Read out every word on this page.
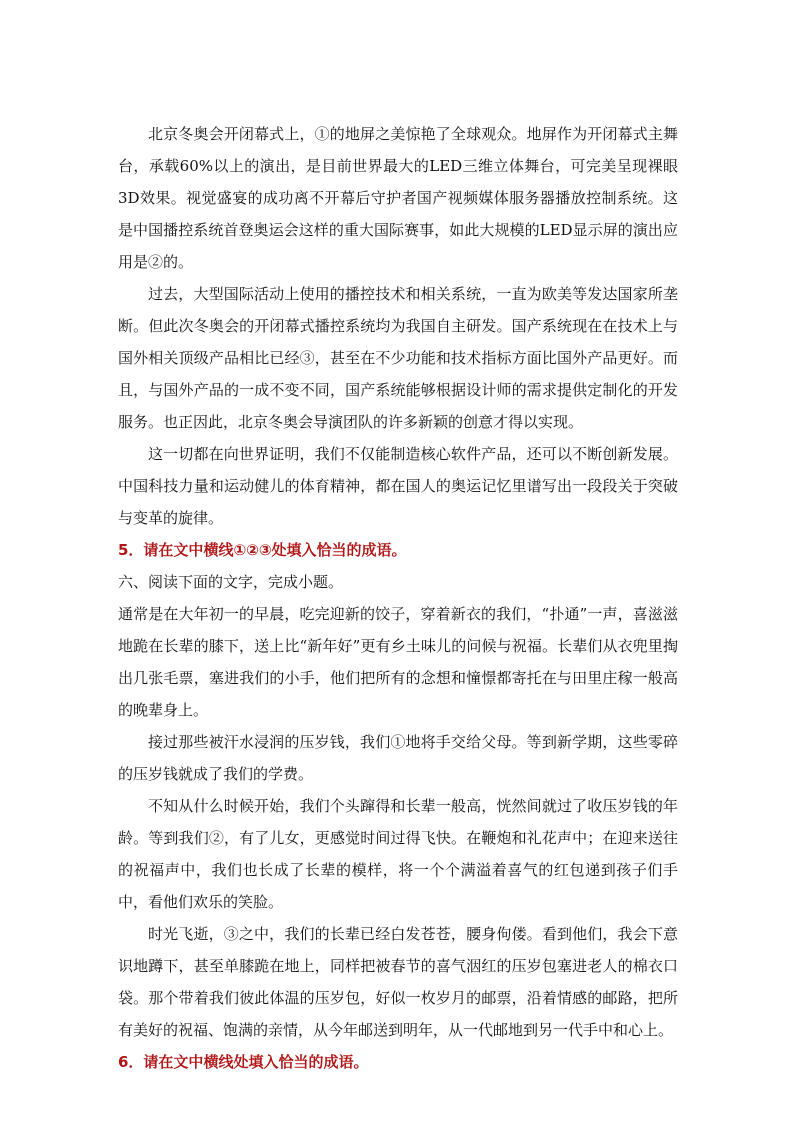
北京冬奥会开闭幕式上，①的地屏之美惊艳了全球观众。地屏作为开闭幕式主舞台，承载60%以上的演出，是目前世界最大的LED三维立体舞台，可完美呈现裸眼3D效果。视觉盛宴的成功离不开幕后守护者国产视频媒体服务器播放控制系统。这是中国播控系统首登奥运会这样的重大国际赛事，如此大规模的LED显示屏的演出应用是②的。

过去，大型国际活动上使用的播控技术和相关系统，一直为欧美等发达国家所垄断。但此次冬奥会的开闭幕式播控系统均为我国自主研发。国产系统现在在技术上与国外相关顶级产品相比已经③，甚至在不少功能和技术指标方面比国外产品更好。而且，与国外产品的一成不变不同，国产系统能够根据设计师的需求提供定制化的开发服务。也正因此，北京冬奥会导演团队的许多新颖的创意才得以实现。

这一切都在向世界证明，我们不仅能制造核心软件产品，还可以不断创新发展。中国科技力量和运动健儿的体育精神，都在国人的奥运记忆里谱写出一段段关于突破与变革的旋律。

5．请在文中横线①②③处填入恰当的成语。

六、阅读下面的文字，完成小题。

通常是在大年初一的早晨，吃完迎新的饺子，穿着新衣的我们，“扑通”一声，喜滋滋地跪在长辈的膝下，送上比“新年好”更有乡土味儿的问候与祝福。长辈们从衣兜里掏出几张毛票，塞进我们的小手，他们把所有的念想和憧憬都寄托在与田里庄稼一般高的晚辈身上。

接过那些被汗水浸润的压岁钱，我们①地将手交给父母。等到新学期，这些零碎的压岁钱就成了我们的学费。

不知从什么时候开始，我们个头蹿得和长辈一般高，恍然间就过了收压岁钱的年龄。等到我们②，有了儿女，更感觉时间过得飞快。在鞭炮和礼花声中；在迎来送往的祝福声中，我们也长成了长辈的模样，将一个个满溢着喜气的红包递到孩子们手中，看他们欢乐的笑脸。

时光飞逝，③之中，我们的长辈已经白发苍苍，腰身佝偻。看到他们，我会下意识地蹲下，甚至单膝跪在地上，同样把被春节的喜气洇红的压岁包塞进老人的棉衣口袋。那个带着我们彼此体温的压岁包，好似一枚岁月的邮票，沿着情感的邮路，把所有美好的祝福、饱满的亲情，从今年邮送到明年，从一代邮地到另一代手中和心上。

6．请在文中横线处填入恰当的成语。
